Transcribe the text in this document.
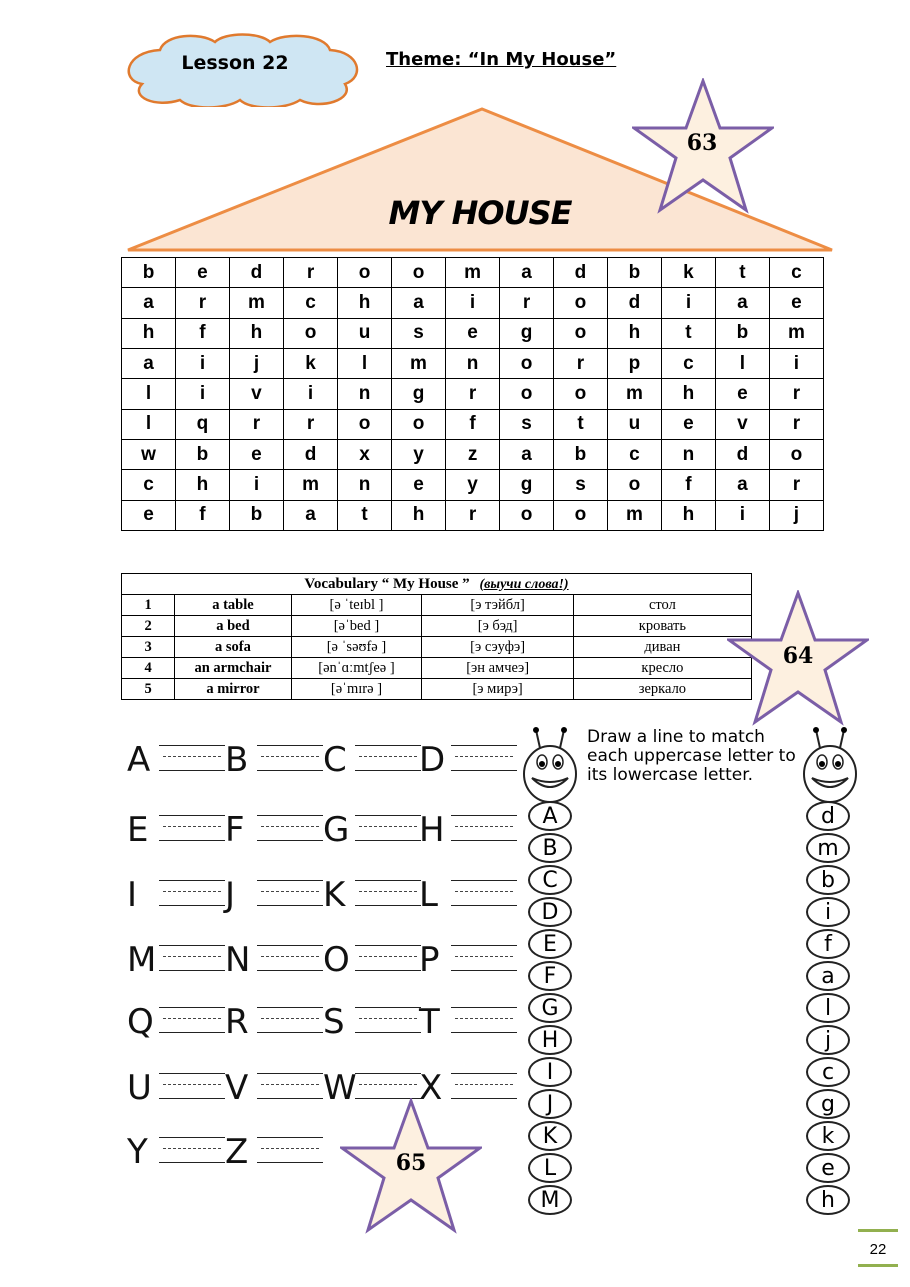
Lesson 22	Theme: “In My House”
MY HOUSE
63
b	e	d	r	o	o	m	a	d	b	k	t	c
a	r	m	c	h	a	i	r	o	d	i	a	e
h	f	h	o	u	s	e	g	o	h	t	b	m
a	i	j	k	l	m	n	o	r	p	c	l	i
l	i	v	i	n	g	r	o	o	m	h	e	r
l	q	r	r	o	o	f	s	t	u	e	v	r
w	b	e	d	x	y	z	a	b	c	n	d	o
c	h	i	m	n	e	y	g	s	o	f	a	r
e	f	b	a	t	h	r	o	o	m	h	i	j
Vocabulary “ My House ” (выучи слова!)				
1	a table	[ə ˈteɪbl ]	[э тэйбл]	стол
2	a bed	[əˈbed ]	[э бэд]	кровать
3	a sofa	[ə ˈsəʊfə ]	[э сэуфэ]	диван
4	an armchair	[ənˈɑːmtʃeə ]	[эн амчеэ]	кресло
5	a mirror	[əˈmɪrə ]	[э мирэ]	зеркало
64
A B C D
E F G H
I	J	K L
M N O P
Q R S T
U V W X
Y Z	65
Draw a line to match each uppercase letter to its lowercase letter.
A
B
C
D
E
F
G
H
I
J
K
L
M
d
m
b
i
f
a
l
j
c
g
k
e
h
22
